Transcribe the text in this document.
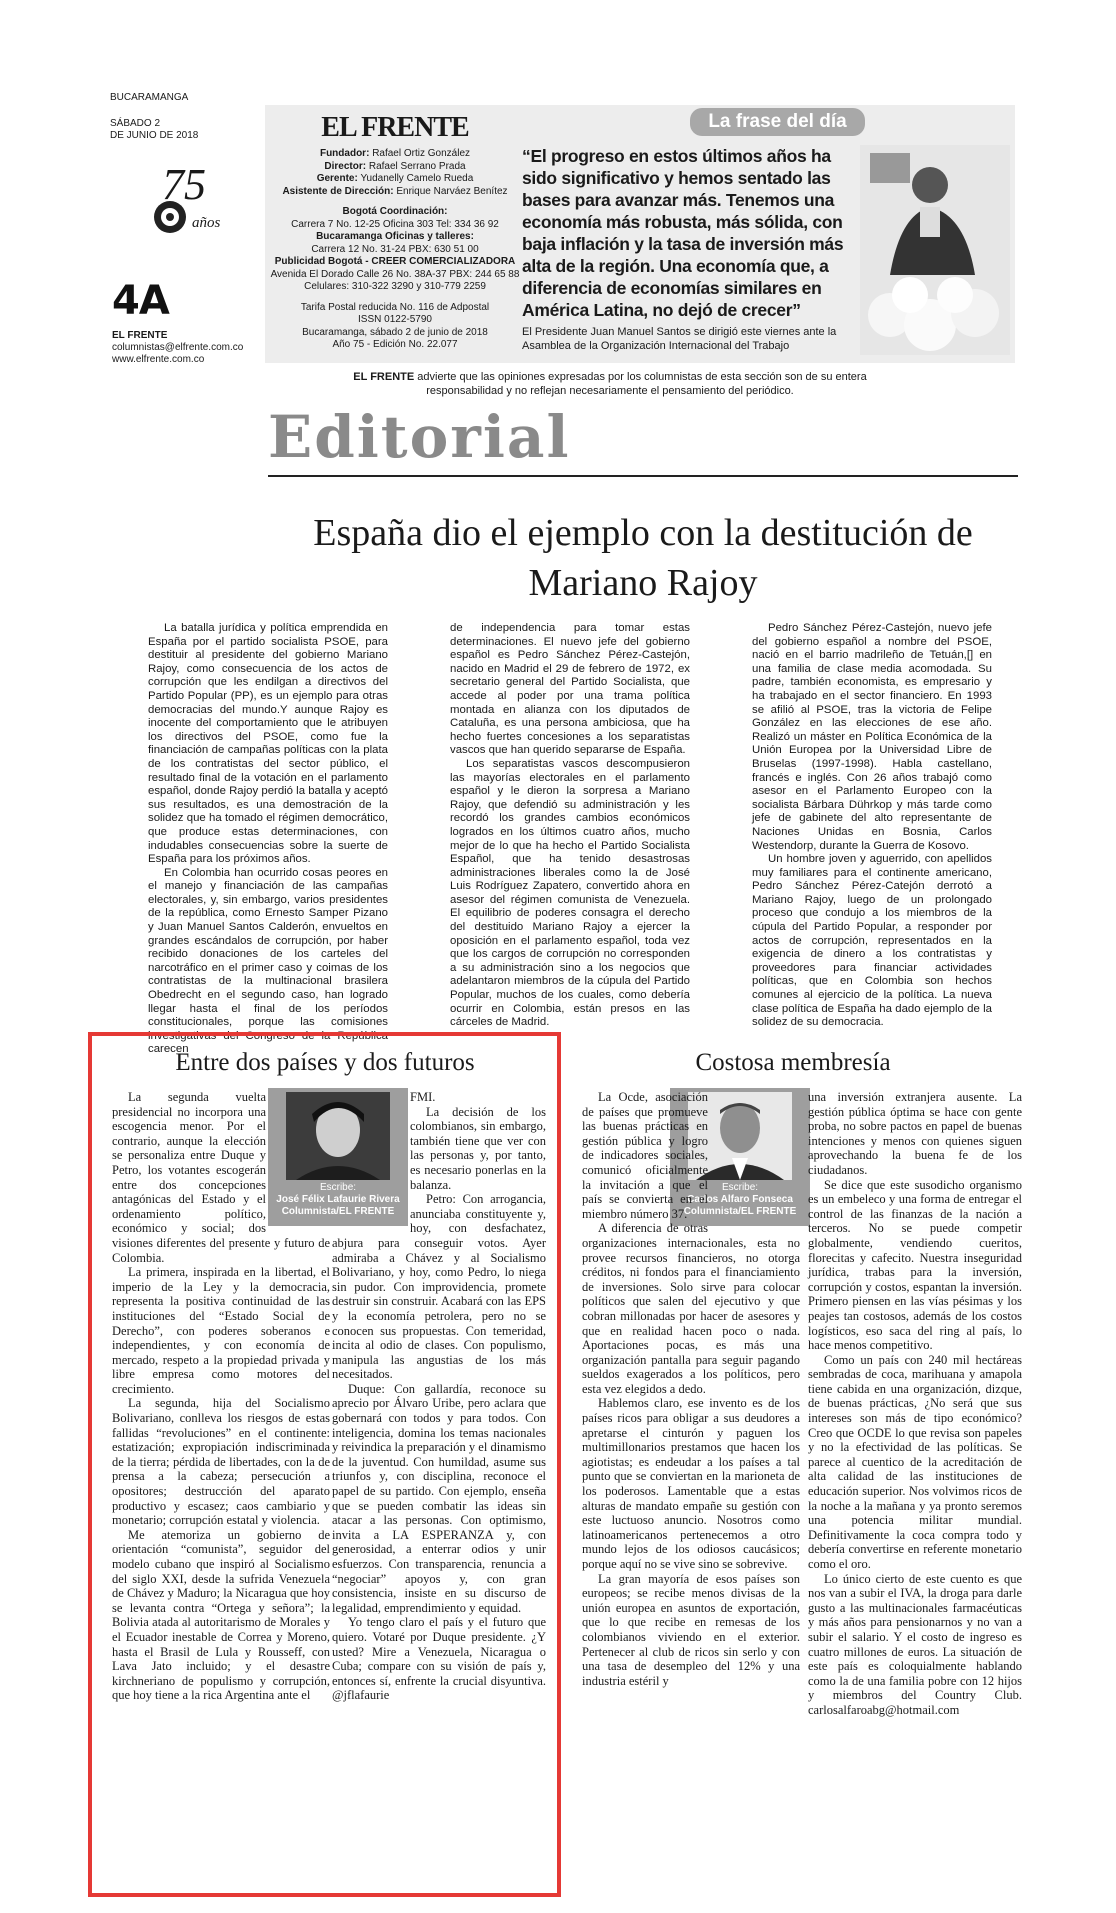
BUCARAMANGA
SÁBADO 2
DE JUNIO DE 2018
75
años
4A
EL FRENTE
columnistas@elfrente.com.co
www.elfrente.com.co
EL FRENTE
Fundador: Rafael Ortiz González
Director: Rafael Serrano Prada
Gerente: Yudanelly Camelo Rueda
Asistente de Dirección: Enrique Narváez Benítez
Bogotá Coordinación:
Carrera 7 No. 12-25 Oficina 303 Tel: 334 36 92
Bucaramanga Oficinas y talleres:
Carrera 12 No. 31-24 PBX: 630 51 00
Publicidad Bogotá - CREER COMERCIALIZADORA
Avenida El Dorado Calle 26 No. 38A-37 PBX: 244 65 88
Celulares: 310-322 3290 y 310-779 2259
Tarifa Postal reducida No. 116 de Adpostal
ISSN 0122-5790
Bucaramanga, sábado 2 de junio de 2018
Año 75 - Edición No. 22.077
La frase del día
“El progreso en estos últimos años ha sido significativo y hemos sentado las bases para avanzar más. Tenemos una economía más robusta, más sólida, con baja inflación y la tasa de inversión más alta de la región. Una economía que, a diferencia de economías similares en América Latina, no dejó de crecer”
El Presidente Juan Manuel Santos se dirigió este viernes ante la Asamblea de la Organización Internacional del Trabajo
EL FRENTE advierte que las opiniones expresadas por los columnistas de esta sección son de su entera responsabilidad y no reflejan necesariamente el pensamiento del periódico.
Editorial
España dio el ejemplo con la destitución de Mariano Rajoy

La batalla jurídica y política emprendida en España por el partido socialista PSOE, para destituir al presidente del gobierno Mariano Rajoy, como consecuencia de los actos de corrupción que les endilgan a directivos del Partido Popular (PP), es un ejemplo para otras democracias del mundo.Y aunque Rajoy es inocente del comportamiento que le atribuyen los directivos del PSOE, como fue la financiación de campañas políticas con la plata de los contratistas del sector público, el resultado final de la votación en el parlamento español, donde Rajoy perdió la batalla y aceptó sus resultados, es una demostración de la solidez que ha tomado el régimen democrático, que produce estas determinaciones, con indudables consecuencias sobre la suerte de España para los próximos años.

En Colombia han ocurrido cosas peores en el manejo y financiación de las campañas electorales, y, sin embargo, varios presidentes de la república, como Ernesto Samper Pizano y Juan Manuel Santos Calderón, envueltos en grandes escándalos de corrupción, por haber recibido donaciones de los carteles del narcotráfico en el primer caso y coimas de los contratistas de la multinacional brasilera Obedrecht en el segundo caso, han logrado llegar hasta el final de los períodos constitucionales, porque las comisiones investigativas del Congreso de la República carecen

de independencia para tomar estas determinaciones. El nuevo jefe del gobierno español es Pedro Sánchez Pérez-Castejón, nacido en Madrid el 29 de febrero de 1972, ex secretario general del Partido Socialista, que accede al poder por una trama política montada en alianza con los diputados de Cataluña, es una persona ambiciosa, que ha hecho fuertes concesiones a los separatistas vascos que han querido separarse de España.

Los separatistas vascos descompusieron las mayorías electorales en el parlamento español y le dieron la sorpresa a Mariano Rajoy, que defendió su administración y les recordó los grandes cambios económicos logrados en los últimos cuatro años, mucho mejor de lo que ha hecho el Partido Socialista Español, que ha tenido desastrosas administraciones liberales como la de José Luis Rodríguez Zapatero, convertido ahora en asesor del régimen comunista de Venezuela. El equilibrio de poderes consagra el derecho del destituido Mariano Rajoy a ejercer la oposición en el parlamento español, toda vez que los cargos de corrupción no corresponden a su administración sino a los negocios que adelantaron miembros de la cúpula del Partido Popular, muchos de los cuales, como debería ocurrir en Colombia, están presos en las cárceles de Madrid.

Pedro Sánchez Pérez-Castejón, nuevo jefe del gobierno español a nombre del PSOE, nació en el barrio madrileño de Tetuán,[] en una familia de clase media acomodada. Su padre, también economista, es empresario y ha trabajado en el sector financiero. En 1993 se afilió al PSOE, tras la victoria de Felipe González en las elecciones de ese año. Realizó un máster en Política Económica de la Unión Europea por la Universidad Libre de Bruselas (1997-1998). Habla castellano, francés e inglés. Con 26 años trabajó como asesor en el Parlamento Europeo con la socialista Bárbara Dührkop y más tarde como jefe de gabinete del alto representante de Naciones Unidas en Bosnia, Carlos Westendorp, durante la Guerra de Kosovo.

Un hombre joven y aguerrido, con apellidos muy familiares para el continente americano, Pedro Sánchez Pérez-Catejón derrotó a Mariano Rajoy, luego de un prolongado proceso que condujo a los miembros de la cúpula del Partido Popular, a responder por actos de corrupción, representados en la exigencia de dinero a los contratistas y proveedores para financiar actividades políticas, que en Colombia son hechos comunes al ejercicio de la política. La nueva clase política de España ha dado ejemplo de la solidez de su democracia.

Entre dos países y dos futuros
Escribe:
José Félix Lafaurie Rivera
Columnista/EL FRENTE

La segunda vuelta presidencial no incorpora una escogencia menor. Por el contrario, aunque la elección se personaliza entre Duque y Petro, los votantes escogerán entre dos concepciones antagónicas del Estado y el ordenamiento político, económico y social; dos visiones diferentes del presente y futuro de Colombia.

La primera, inspirada en la libertad, el imperio de la Ley y la democracia, representa la positiva continuidad de las instituciones del “Estado Social de Derecho”, con poderes soberanos e independientes, y con economía de mercado, respeto a la propiedad privada y libre empresa como motores del crecimiento.

La segunda, hija del Socialismo Bolivariano, conlleva los riesgos de estas fallidas “revoluciones” en el continente: estatización; expropiación indiscriminada de la tierra; pérdida de libertades, con la de prensa a la cabeza; persecución a opositores; destrucción del aparato productivo y escasez; caos cambiario y monetario; corrupción estatal y violencia.

Me atemoriza un gobierno de orientación “comunista”, seguidor del modelo cubano que inspiró al Socialismo del siglo XXI, desde la sufrida Venezuela de Chávez y Maduro; la Nicaragua que hoy se levanta contra “Ortega y señora”; la Bolivia atada al autoritarismo de Morales y el Ecuador inestable de Correa y Moreno, hasta el Brasil de Lula y Rousseff, con Lava Jato incluido; y el desastre kirchneriano de populismo y corrupción, que hoy tiene a la rica Argentina ante el

FMI.

La decisión de los colombianos, sin embargo, también tiene que ver con las personas y, por tanto, es necesario ponerlas en la balanza.

Petro: Con arrogancia, anunciaba constituyente y, hoy, con desfachatez, abjura para conseguir votos. Ayer admiraba a Chávez y al Socialismo Bolivariano, y hoy, como Pedro, lo niega sin pudor. Con improvidencia, promete destruir sin construir. Acabará con las EPS y la economía petrolera, pero no se conocen sus propuestas. Con temeridad, incita al odio de clases. Con populismo, manipula las angustias de los más necesitados.

Duque: Con gallardía, reconoce su aprecio por Álvaro Uribe, pero aclara que gobernará con todos y para todos. Con inteligencia, domina los temas nacionales y reivindica la preparación y el dinamismo de la juventud. Con humildad, asume sus triunfos y, con disciplina, reconoce el papel de su partido. Con ejemplo, enseña que se pueden combatir las ideas sin atacar a las personas. Con optimismo, invita a LA ESPERANZA y, con generosidad, a enterrar odios y unir esfuerzos. Con transparencia, renuncia a “negociar” apoyos y, con gran consistencia, insiste en su discurso de legalidad, emprendimiento y equidad.

Yo tengo claro el país y el futuro que quiero. Votaré por Duque presidente. ¿Y usted? Mire a Venezuela, Nicaragua o Cuba; compare con su visión de país y, entonces sí, enfrente la crucial disyuntiva. @jflafaurie

Costosa membresía
Escribe:
Carlos Alfaro Fonseca
Columnista/EL FRENTE

La Ocde, asociación de países que promueve las buenas prácticas en gestión pública y logro de indicadores sociales, comunicó oficialmente la invitación a que el país se convierta en el miembro número 37.

A diferencia de otras organizaciones internacionales, esta no provee recursos financieros, no otorga créditos, ni fondos para el financiamiento de inversiones. Solo sirve para colocar políticos que salen del ejecutivo y que cobran millonadas por hacer de asesores y que en realidad hacen poco o nada. Aportaciones pocas, es más una organización pantalla para seguir pagando sueldos exagerados a los políticos, pero esta vez elegidos a dedo.

Hablemos claro, ese invento es de los países ricos para obligar a sus deudores a apretarse el cinturón y paguen los multimillonarios prestamos que hacen los agiotistas; es endeudar a los países a tal punto que se conviertan en la marioneta de los poderosos. Lamentable que a estas alturas de mandato empañe su gestión con este luctuoso anuncio. Nosotros como latinoamericanos pertenecemos a otro mundo lejos de los odiosos caucásicos; porque aquí no se vive sino se sobrevive.

La gran mayoría de esos países son europeos; se recibe menos divisas de la unión europea en asuntos de exportación, que lo que recibe en remesas de los colombianos viviendo en el exterior. Pertenecer al club de ricos sin serlo y con una tasa de desempleo del 12% y una industria estéril y

una inversión extranjera ausente. La gestión pública óptima se hace con gente proba, no sobre pactos en papel de buenas intenciones y menos con quienes siguen aprovechando la buena fe de los ciudadanos.

Se dice que este susodicho organismo es un embeleco y una forma de entregar el control de las finanzas de la nación a terceros. No se puede competir globalmente, vendiendo cueritos, florecitas y cafecito. Nuestra inseguridad jurídica, trabas para la inversión, corrupción y costos, espantan la inversión. Primero piensen en las vías pésimas y los peajes tan costosos, además de los costos logísticos, eso saca del ring al país, lo hace menos competitivo.

Como un país con 240 mil hectáreas sembradas de coca, marihuana y amapola tiene cabida en una organización, dizque, de buenas prácticas, ¿No será que sus intereses son más de tipo económico? Creo que OCDE lo que revisa son papeles y no la efectividad de las políticas. Se parece al cuentico de la acreditación de alta calidad de las instituciones de educación superior. Nos volvimos ricos de la noche a la mañana y ya pronto seremos una potencia militar mundial. Definitivamente la coca compra todo y debería convertirse en referente monetario como el oro.

Lo único cierto de este cuento es que nos van a subir el IVA, la droga para darle gusto a las multinacionales farmacéuticas y más años para pensionarnos y no van a subir el salario. Y el costo de ingreso es cuatro millones de euros. La situación de este país es coloquialmente hablando como la de una familia pobre con 12 hijos y miembros del Country Club. carlosalfaroabg@hotmail.com
